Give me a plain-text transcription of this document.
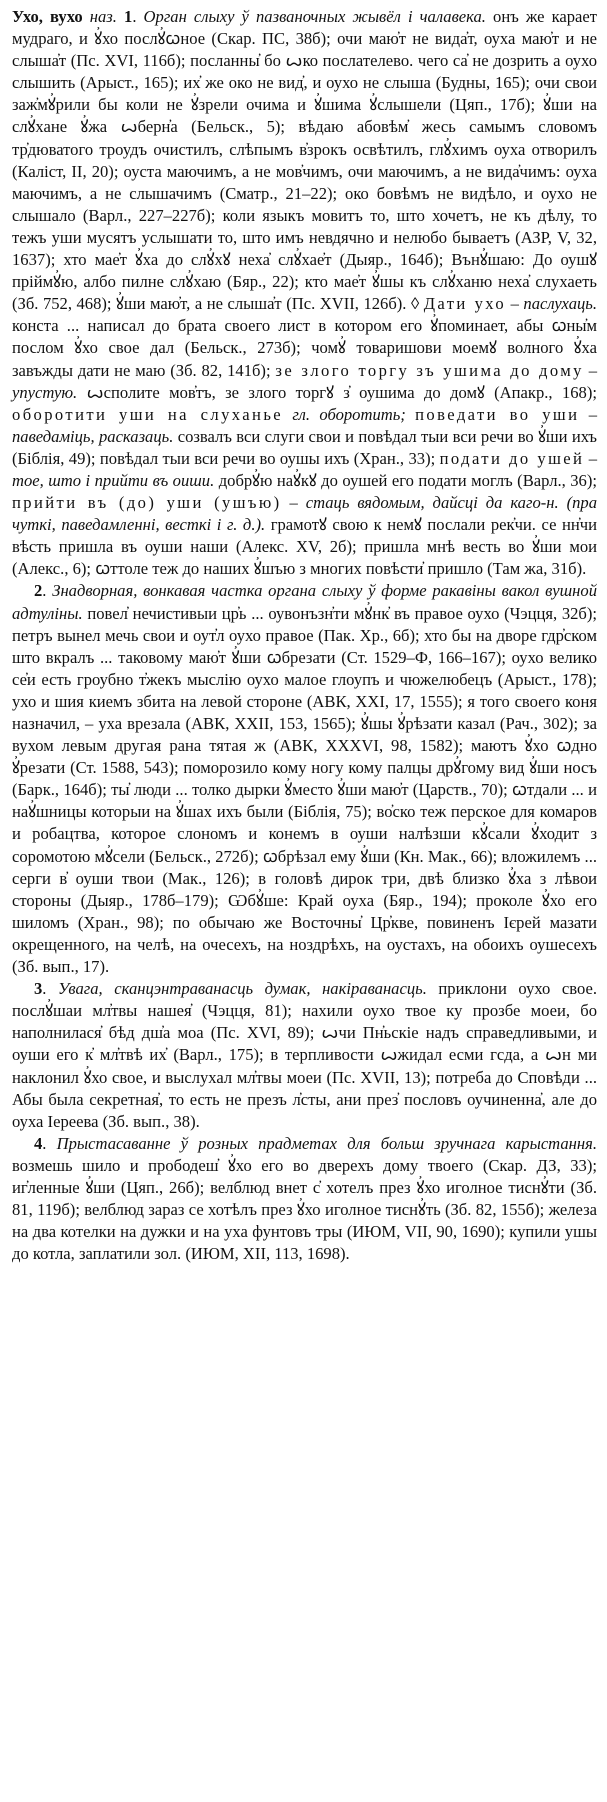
Ухо, вухо наз. 1. Орган слыху ў пазваночных жывёл і чалавека. онъ же карает мудраго, и ꙋ҆хо послꙋ҆ꙍное (Скар. ПС, 38б); очи маю҆т не вида҆т, оуха маю҆т и не слыша҆т (Пс. XVI, 116б); посланны҆ бо ꙍко послателево. чего са҆ не дозрить а оухо слышить (Арыст., 165); их҆ же око не вид҆, и оухо не слыша (Будны, 165); очи свои заж҆мꙋ҆рили бы коли не ꙋ҆зрели очима и ꙋ҆шима ꙋ҆слышели (Цяп., 17б); ꙋ҆ши на слꙋ҆хане ꙋ҆жа ꙍберн҆а (Бельск., 5); вѣдаю абовѣм҆ жесь самымъ словомъ тр҆дюватого троудъ очистилъ, слѣпымъ в҆зрокъ освѣтилъ, глꙋ҆химъ оуха отворилъ (Каліст, ІІ, 20); оуста маючимъ, а не мов҆чимъ, очи маючимъ, а не вида҆чимъ: оуха маючимъ, а не слышачимъ (Сматр., 21–22); око бовѣмъ не видѣло, и оухо не слышало (Варл., 227–227б); коли языкъ мовитъ то, што хочетъ, не къ дѣлу, то тежъ уши мусятъ услышати то, што имъ невдячно и нелюбо бываетъ (АЗР, V, 32, 1637); хто мае҆т ꙋ҆ха до слꙋ҆хꙋ неха҆ слꙋ҆хае҆т (Дыяр., 164б); Вънꙋ҆шаю: До оушꙋ пріймꙋ҆ю, албо пилне слꙋ҆хаю (Бяр., 22); кто мае҆т ꙋ҆шы къ слꙋ҆ханю неха҆ слухаеть (Зб. 752, 468); ꙋ҆ши маю҆т, а не слыша҆т (Пс. XVII, 126б). ◊ Дати ухо – паслухаць. конста ... написал до брата своего лист в котором его ꙋ҆поминает, абы ꙍны҆м послом ꙋ҆хо свое дал (Бельск., 273б); чомꙋ҆ товаришови моемꙋ волного ꙋ҆ха завъжды дати не маю (Зб. 82, 141б); зе злого торгу зъ ушима до дому – упустую. ꙍсполите мов҆тъ, зе злого торгꙋ з҆ оушима до домꙋ (Апакр., 168); оборотити уши на слуханье гл. оборотить; поведати во уши – паведаміць, расказаць. созвалъ вси слуги свои и повѣдал тыи вси речи во ꙋ҆ши ихъ (Біблія, 49); повѣдал тыи вси речи во оушы ихъ (Хран., 33); подати до ушей – тое, што і прийти въ ouши. добрꙋ҆ю наꙋ҆кꙋ до оушей его подати моглъ (Варл., 36); прийти въ (до) уши (ушъю) – стаць вядомым, дайсці да каго-н. (пра чуткі, паведамленні, весткі і г. д.). грамотꙋ свою к немꙋ послали рек҆чи. се нн҆чи вѣсть пришла въ оуши наши (Алекс. XV, 2б); пришла мнѣ весть во ꙋ҆ши мои (Алекс., 6); ꙍттоле теж до наших ꙋ҆шъю з многих повѣсти҆ пришло (Там жа, 31б).

2. Знадворная, вонкавая частка органа слыху ў форме ракавіны вакол вушной адтуліны. повел҆ нечистивыи цр҆ь ... оувонъзн҆ти мꙋ҆нк҆ въ правое оухо (Чэцця, 32б); петръ вынел мечь свои и оут҆л оухо правое (Пак. Хр., 6б); хто бы на дворе гдр҆ском што вкралъ ... таковому маю҆т ꙋ҆ши ꙍбрезати (Ст. 1529–Ф, 166–167); оухо велико се҆и есть гроубно т҆жекъ мыслію оухо малое глоупъ и чюжелюбецъ (Арыст., 178); ухо и шия киемъ збита на левой стороне (АВК, XXI, 17, 1555); я того своего коня назначил, – уха врезала (АВК, XXII, 153, 1565); ꙋ҆шы ꙋ҆рѣзати казал (Рач., 302); за вухом левым другая рана тятая ж (АВК, XXXVI, 98, 1582); маютъ ꙋ҆хо ꙍдно ꙋ҆резати (Ст. 1588, 543); поморозило кому ногу кому палцы дрꙋ҆гому вид ꙋ҆ши носъ (Барк., 164б); ты҆ люди ... толко дырки ꙋ҆место ꙋ҆ши маю҆т (Царств., 70); ꙍтдали ... и наꙋ҆шницы которыи на ꙋ҆шах ихъ были (Біблія, 75); во҆ско теж перское для комаров и робацтва, которое слономъ и конемъ в оуши налѣзши кꙋ҆сали ꙋ҆ходит з соромотою мꙋ҆сели (Бельск., 272б); ꙍбрѣзал ему ꙋ҆ши (Кн. Мак., 66); вложилемъ ... серги в҆ оуши твои (Мак., 126); в головѣ дирок три, двѣ близко ꙋ҆ха з лѣвои стороны (Дыяр., 178б–179); Ѡбꙋ҆ше: Край оуха (Бяр., 194); проколе ꙋ҆хо его шиломъ (Хран., 98); по обычаю же Восточны҆ Цр҆кве, повиненъ Ієрей мазати окрещенного, на челѣ, на очесехъ, на ноздрѣхъ, на оустахъ, на обоихъ оушесехъ (Зб. вып., 17).

3. Увага, сканцэнтраванасць думак, накіраванасць. приклони оухо свое. послꙋ҆шаи мл҆твы нашея҆ (Чэцця, 81); нахили оухо твое ку прозбе моеи, бо наполнилася҆ бѣд дш҆а моа (Пс. XVI, 89); ꙍчи Пн҆ьскіе надъ справедливыми, и оуши его к҆ мл҆твѣ их҆ (Варл., 175); в терпливости ꙍжидал есми гсда, а ꙍн ми наклонил ꙋ҆хо свое, и выслухал мл҆твы моеи (Пс. XVII, 13); потреба до Сповѣди ... Абы была секретная҆, то есть не презъ л҆сты, ани през҆ пословъ оучиненна҆, але до оуха Іереева (Зб. вып., 38).

4. Прыстасаванне ў розных прадметах для больш зручнага карыстання. возмешь шило и прободеш҆ ꙋ҆хо его во дверехъ дому твоего (Скар. ДЗ, 33); иг҆ленные ꙋ҆ши (Цяп., 26б); велблюд внет с҆ хотелъ през ꙋ҆хо иголное тиснꙋ҆ти (Зб. 81, 119б); велблюд зараз се хотѣлъ през ꙋ҆хо иголное тиснꙋ҆ть (Зб. 82, 155б); железа на два котелки на дужки и на уха фунтовъ тры (ИЮМ, VII, 90, 1690); купили ушы до котла, заплатили зол. (ИЮМ, XII, 113, 1698).
